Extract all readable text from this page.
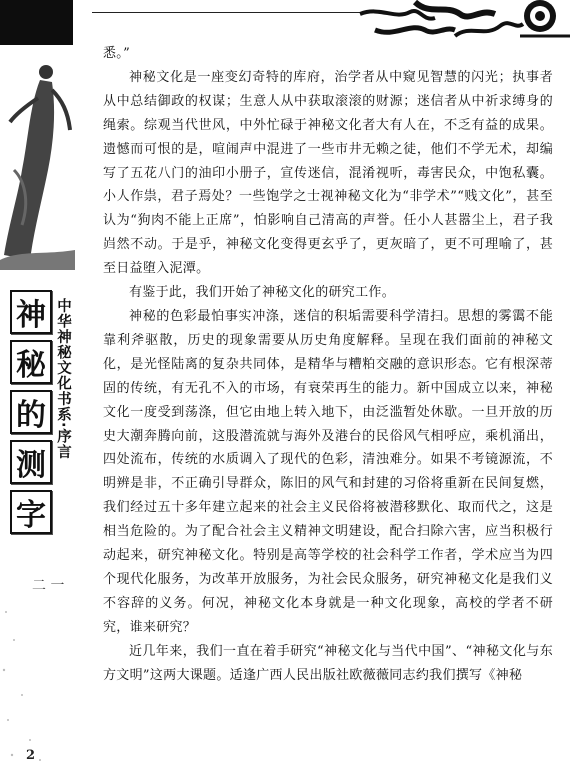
神
秘
的
测
字
中华神秘文化书系·序言
二 一
2

悉。”

神秘文化是一座变幻奇特的库府，治学者从中窥见智慧的闪光；执事者从中总结御政的权谋；生意人从中获取滚滚的财源；迷信者从中祈求缚身的绳索。综观当代世风，中外忙碌于神秘文化者大有人在，不乏有益的成果。遗憾而可恨的是，喧闹声中混进了一些市井无赖之徒，他们不学无术，却编写了五花八门的油印小册子，宣传迷信，混淆视听，毒害民众，中饱私囊。小人作祟，君子焉处？一些饱学之士视神秘文化为“非学术”“贱文化”，甚至认为“狗肉不能上正席”，怕影响自己清高的声誉。任小人甚嚣尘上，君子我岿然不动。于是乎，神秘文化变得更玄乎了，更灰暗了，更不可理喻了，甚至日益堕入泥潭。

有鉴于此，我们开始了神秘文化的研究工作。

神秘的色彩最怕事实冲涤，迷信的积垢需要科学清扫。思想的雾霭不能靠利斧驱散，历史的现象需要从历史角度解释。呈现在我们面前的神秘文化，是光怪陆离的复杂共同体，是精华与糟粕交融的意识形态。它有根深蒂固的传统，有无孔不入的市场，有衰荣再生的能力。新中国成立以来，神秘文化一度受到荡涤，但它由地上转入地下，由泛滥暂处休歇。一旦开放的历史大潮奔腾向前，这股潜流就与海外及港台的民俗风气相呼应，乘机涌出，四处流布，传统的水质调入了现代的色彩，清浊难分。如果不考镜源流，不明辨是非，不正确引导群众，陈旧的风气和封建的习俗将重新在民间复燃，我们经过五十多年建立起来的社会主义民俗将被潜移默化、取而代之，这是相当危险的。为了配合社会主义精神文明建设，配合扫除六害，应当积极行动起来，研究神秘文化。特别是高等学校的社会科学工作者，学术应当为四个现代化服务，为改革开放服务，为社会民众服务，研究神秘文化是我们义不容辞的义务。何况，神秘文化本身就是一种文化现象，高校的学者不研究，谁来研究？

近几年来，我们一直在着手研究“神秘文化与当代中国”、“神秘文化与东方文明”这两大课题。适逢广西人民出版社欧薇薇同志约我们撰写《神秘
